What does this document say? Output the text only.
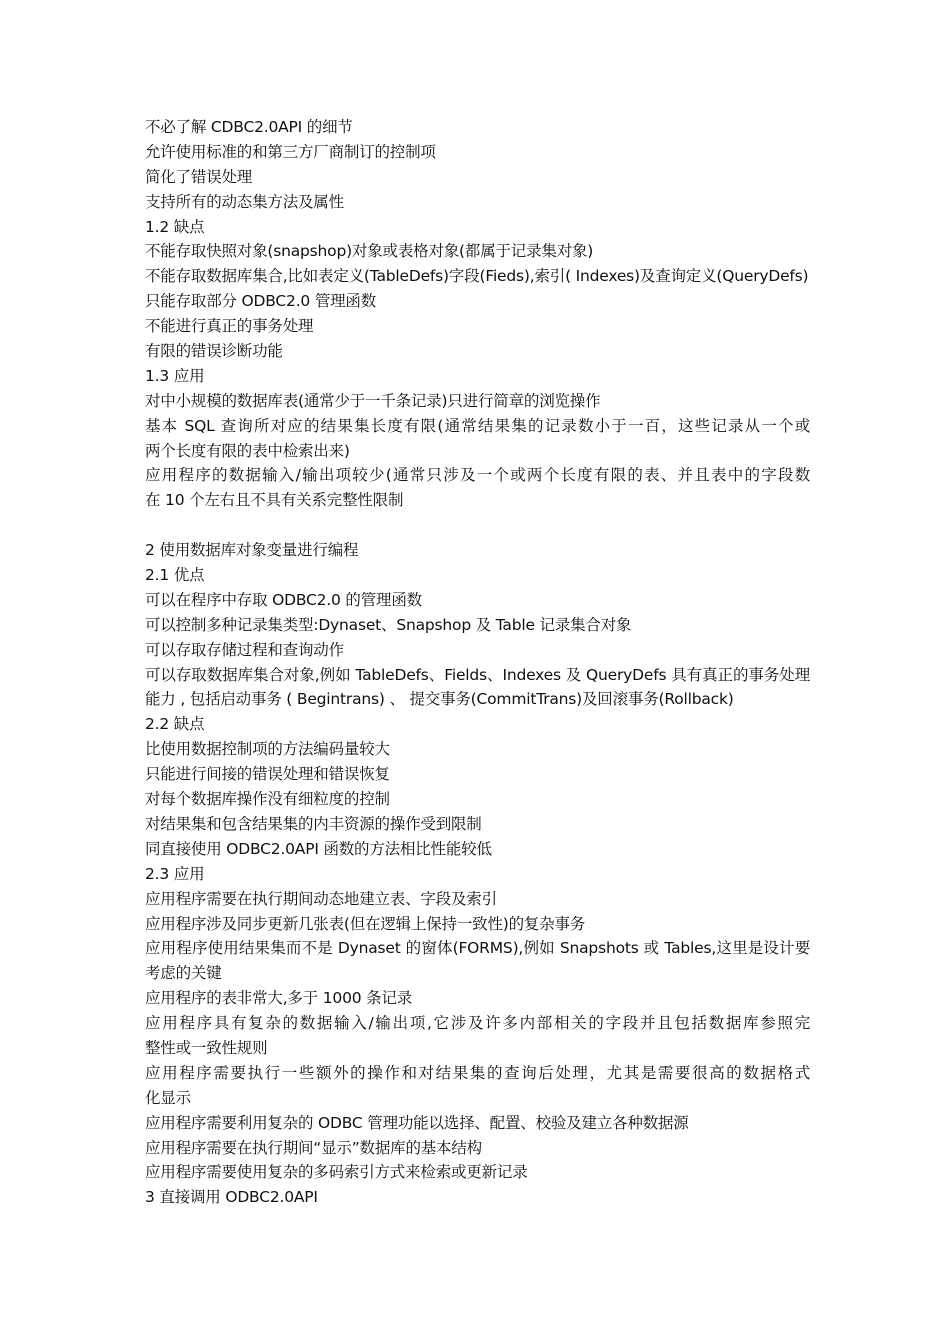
不必了解 CDBC2.0API 的细节
允许使用标准的和第三方厂商制订的控制项
简化了错误处理
支持所有的动态集方法及属性
1.2 缺点
不能存取快照对象(snapshop)对象或表格对象(都属于记录集对象)
不能存取数据库集合,比如表定义(TableDefs)字段(Fieds),索引( Indexes)及查询定义(QueryDefs)
只能存取部分 ODBC2.0 管理函数
不能进行真正的事务处理
有限的错误诊断功能
1.3 应用
对中小规模的数据库表(通常少于一千条记录)只进行简章的浏览操作
基本 SQL 查询所对应的结果集长度有限(通常结果集的记录数小于一百，这些记录从一个或
两个长度有限的表中检索出来)
应用程序的数据输入/输出项较少(通常只涉及一个或两个长度有限的表、并且表中的字段数
在 10 个左右且不具有关系完整性限制
2 使用数据库对象变量进行编程
2.1 优点
可以在程序中存取 ODBC2.0 的管理函数
可以控制多种记录集类型:Dynaset、Snapshop 及 Table 记录集合对象
可以存取存储过程和查询动作
可以存取数据库集合对象,例如 TableDefs、Fields、Indexes 及 QueryDefs 具有真正的事务处理
能力 , 包括启动事务 ( Begintrans) 、 提交事务(CommitTrans)及回滚事务(Rollback)
2.2 缺点
比使用数据控制项的方法编码量较大
只能进行间接的错误处理和错误恢复
对每个数据库操作没有细粒度的控制
对结果集和包含结果集的内丰资源的操作受到限制
同直接使用 ODBC2.0API 函数的方法相比性能较低
2.3 应用
应用程序需要在执行期间动态地建立表、字段及索引
应用程序涉及同步更新几张表(但在逻辑上保持一致性)的复杂事务
应用程序使用结果集而不是 Dynaset 的窗体(FORMS),例如 Snapshots 或 Tables,这里是设计要
考虑的关键
应用程序的表非常大,多于 1000 条记录
应用程序具有复杂的数据输入/输出项,它涉及许多内部相关的字段并且包括数据库参照完
整性或一致性规则
应用程序需要执行一些额外的操作和对结果集的查询后处理，尤其是需要很高的数据格式
化显示
应用程序需要利用复杂的 ODBC 管理功能以选择、配置、校验及建立各种数据源
应用程序需要在执行期间“显示”数据库的基本结构
应用程序需要使用复杂的多码索引方式来检索或更新记录
3 直接调用 ODBC2.0API
